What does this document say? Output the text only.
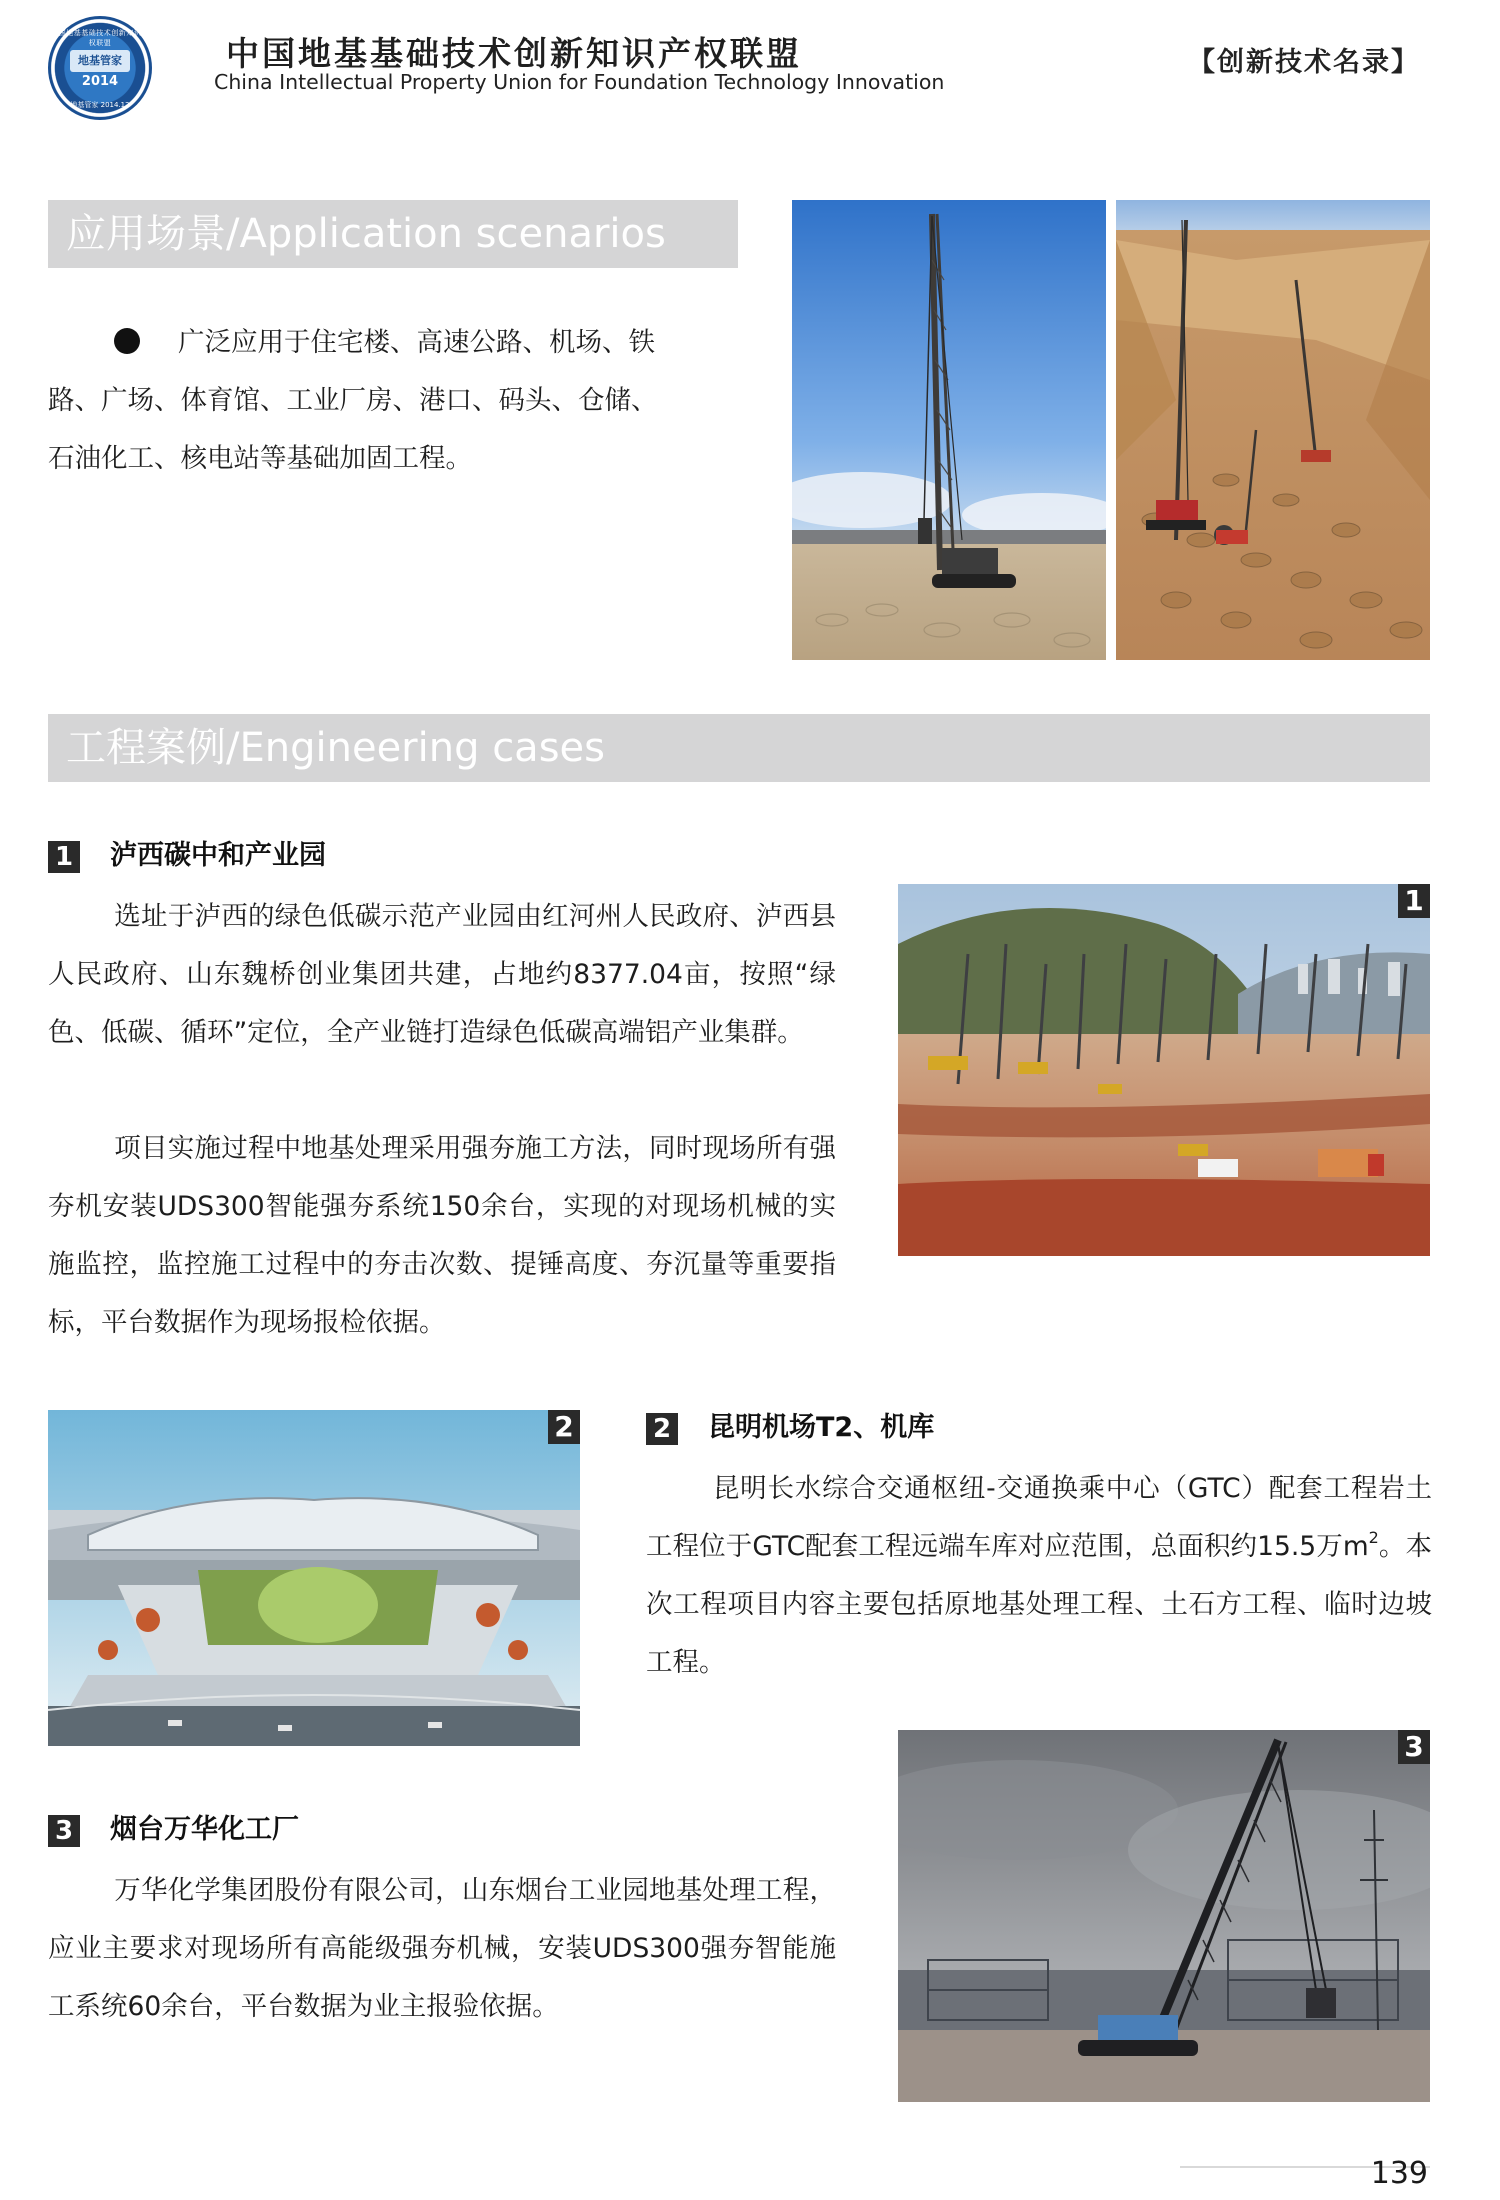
全国地基基础技术创新知识产权联盟
地基管家
2014
地基管家 2014.12
中国地基基础技术创新知识产权联盟
China Intellectual Property Union for Foundation Technology Innovation
【创新技术名录】
应用场景/Application scenarios
广泛应用于住宅楼、高速公路、机场、铁
路、广场、体育馆、工业厂房、港口、码头、仓储、
石油化工、核电站等基础加固工程。
工程案例/Engineering cases
1 泸西碳中和产业园
选址于泸西的绿色低碳示范产业园由红河州人民政府、泸西县人民政府、山东魏桥创业集团共建，占地约8377.04亩，按照“绿色、低碳、循环”定位，全产业链打造绿色低碳高端铝产业集群。
项目实施过程中地基处理采用强夯施工方法，同时现场所有强夯机安装UDS300智能强夯系统150余台，实现的对现场机械的实施监控，监控施工过程中的夯击次数、提锤高度、夯沉量等重要指标，平台数据作为现场报检依据。
1
2	2 昆明机场T2、机库
昆明长水综合交通枢纽-交通换乘中心（GTC）配套工程岩土工程位于GTC配套工程远端车库对应范围，总面积约15.5万$m^2$。本次工程项目内容主要包括原地基处理工程、土石方工程、临时边坡工程。
3 烟台万华化工厂
万华化学集团股份有限公司，山东烟台工业园地基处理工程，应业主要求对现场所有高能级强夯机械，安装UDS300强夯智能施工系统60余台，平台数据为业主报验依据。
3
139
